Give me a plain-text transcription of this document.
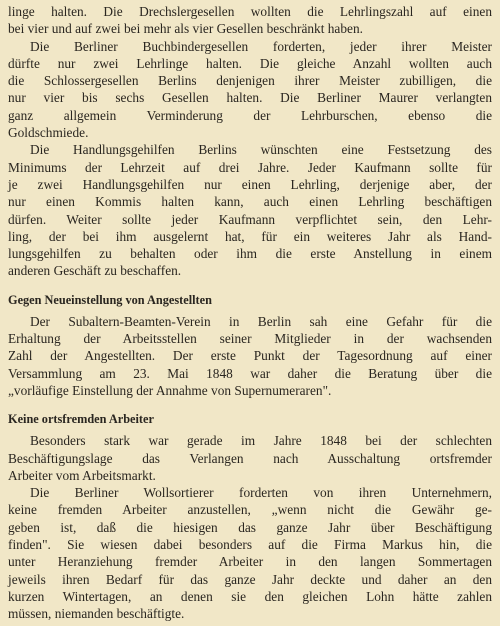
linge halten. Die Drechslergesellen wollten die Lehrlingszahl auf einen
bei vier und auf zwei bei mehr als vier Gesellen beschränkt haben.
Die Berliner Buchbindergesellen forderten, jeder ihrer Meister
dürfte nur zwei Lehrlinge halten. Die gleiche Anzahl wollten auch
die Schlossergesellen Berlins denjenigen ihrer Meister zubilligen, die
nur vier bis sechs Gesellen halten. Die Berliner Maurer verlangten
ganz allgemein Verminderung der Lehrburschen, ebenso die
Goldschmiede.
Die Handlungsgehilfen Berlins wünschten eine Festsetzung des
Minimums der Lehrzeit auf drei Jahre. Jeder Kaufmann sollte für
je zwei Handlungsgehilfen nur einen Lehrling, derjenige aber, der
nur einen Kommis halten kann, auch einen Lehrling beschäftigen
dürfen. Weiter sollte jeder Kaufmann verpflichtet sein, den Lehr-
ling, der bei ihm ausgelernt hat, für ein weiteres Jahr als Hand-
lungsgehilfen zu behalten oder ihm die erste Anstellung in einem
anderen Geschäft zu beschaffen.
Gegen Neueinstellung von Angestellten
Der Subaltern-Beamten-Verein in Berlin sah eine Gefahr für die
Erhaltung der Arbeitsstellen seiner Mitglieder in der wachsenden
Zahl der Angestellten. Der erste Punkt der Tagesordnung auf einer
Versammlung am 23. Mai 1848 war daher die Beratung über die
„vorläufige Einstellung der Annahme von Supernumeraren".
Keine ortsfremden Arbeiter
Besonders stark war gerade im Jahre 1848 bei der schlechten
Beschäftigungslage das Verlangen nach Ausschaltung ortsfremder
Arbeiter vom Arbeitsmarkt.
Die Berliner Wollsortierer forderten von ihren Unternehmern,
keine fremden Arbeiter anzustellen, „wenn nicht die Gewähr ge-
geben ist, daß die hiesigen das ganze Jahr über Beschäftigung
finden". Sie wiesen dabei besonders auf die Firma Markus hin, die
unter Heranziehung fremder Arbeiter in den langen Sommertagen
jeweils ihren Bedarf für das ganze Jahr deckte und daher an den
kurzen Wintertagen, an denen sie den gleichen Lohn hätte zahlen
müssen, niemanden beschäftigte.
